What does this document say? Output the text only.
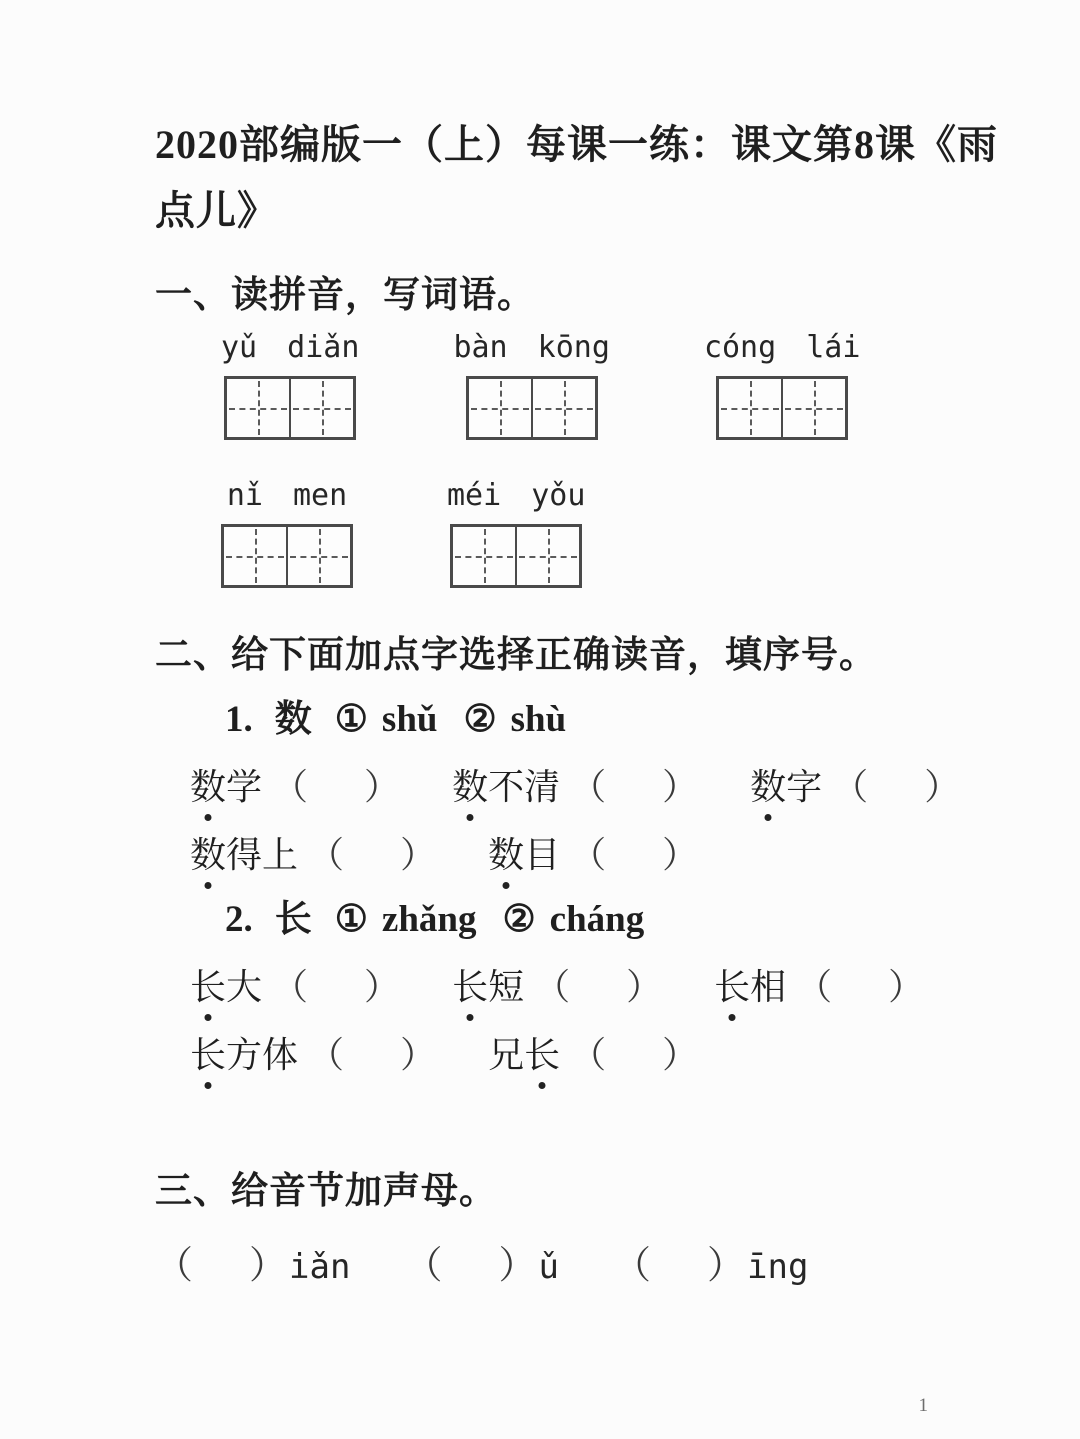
2020部编版一（上）每课一练：课文第8课《雨
点儿》
一、读拼音，写词语。
yǔ diǎn	bàn kōng	cóng lái
nǐ men	méi yǒu
二、给下面加点字选择正确读音，填序号。
1. 数 ① shǔ ② shù
数学 （ ） 数不清 （ ） 数字 （ ）
数得上 （ ） 数目 （ ）
2. 长 ① zhǎng ② cháng
长大 （ ） 长短 （ ） 长相 （ ）
长方体 （ ） 兄长 （ ）
三、给音节加声母。
（ ） iǎn （ ） ǔ （ ） īng
1
